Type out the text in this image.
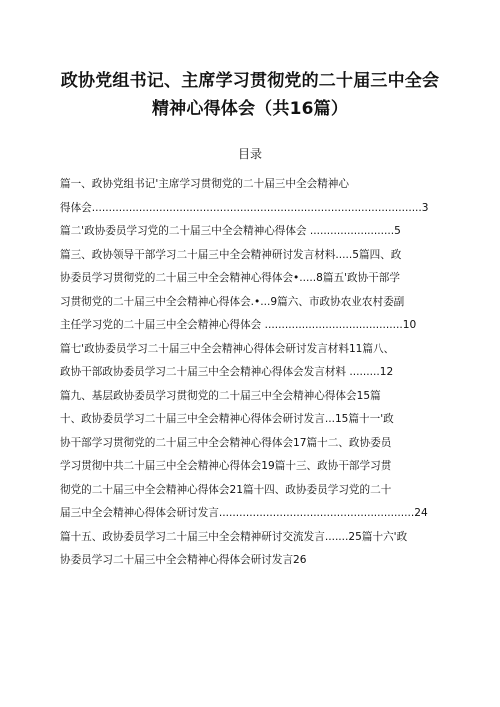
政协党组书记、主席学习贯彻党的二十届三中全会
精神心得体会（共16篇）
目录
篇一、政协党组书记'主席学习贯彻党的二十届三中全会精神心
得体会..................................................................................................3
篇二'政协委员学习党的二十届三中全会精神心得体会 .........................5
篇三、政协领导干部学习二十届三中全会精神研讨发言材料.....5篇四、政
协委员学习贯彻党的二十届三中全会精神心得体会•.....8篇五'政协干部学
习贯彻党的二十届三中全会精神心得体会.•...9篇六、市政协农业农村委副
主任学习党的二十届三中全会精神心得体会 .........................................10
篇七'政协委员学习二十届三中全会精神心得体会研讨发言材料11篇八、
政协干部政协委员学习二十届三中全会精神心得体会发言材料 .........12
篇九、基层政协委员学习贯彻党的二十届三中全会精神心得体会15篇
十、政协委员学习二十届三中全会精神心得体会研讨发言...15篇十一'政
协干部学习贯彻党的二十届三中全会精神心得体会17篇十二、政协委员
学习贯彻中共二十届三中全会精神心得体会19篇十三、政协干部学习贯
彻党的二十届三中全会精神心得体会21篇十四、政协委员学习党的二十
届三中全会精神心得体会研讨发言..........................................................24
篇十五、政协委员学习二十届三中全会精神研讨交流发言.......25篇十六'政
协委员学习二十届三中全会精神心得体会研讨发言26
